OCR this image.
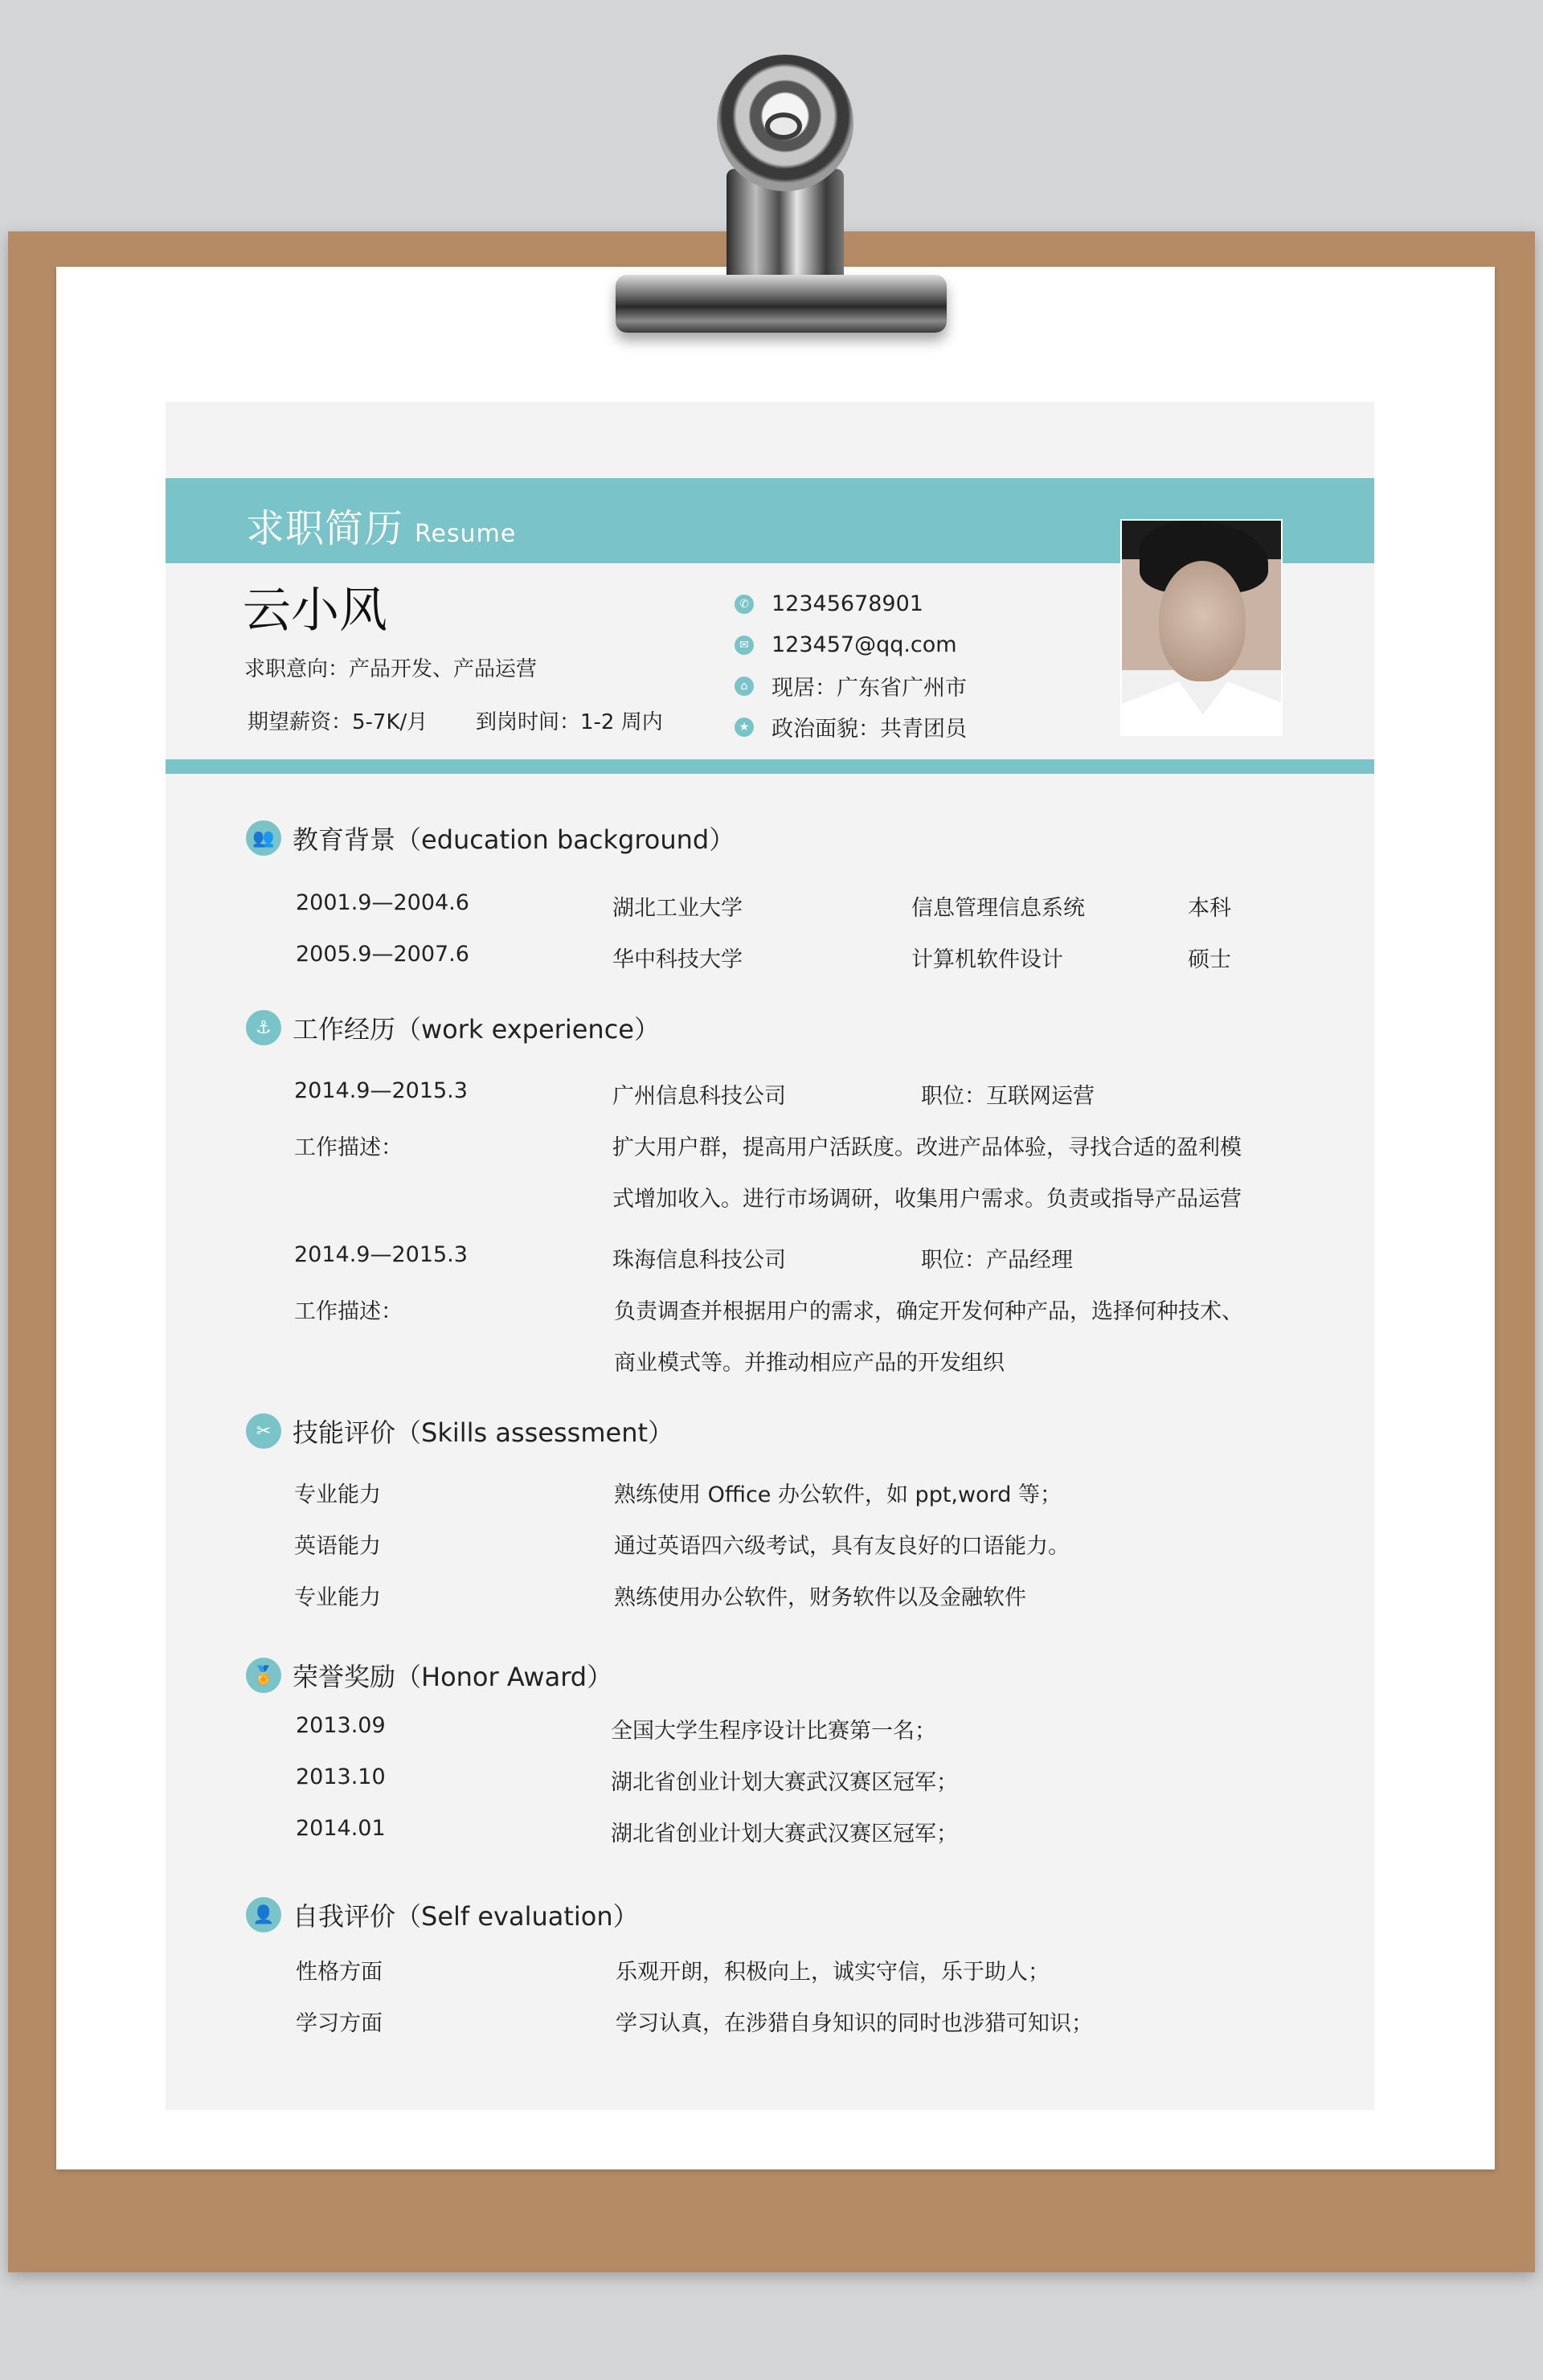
求职简历 Resume
云小风
求职意向：产品开发、产品运营
期望薪资：5-7K/月 到岗时间：1-2 周内
✆ 12345678901
✉ 123457@qq.com
⌂ 现居：广东省广州市
★ 政治面貌：共青团员
👥 教育背景（education background）
2001.9—2004.6	湖北工业大学	信息管理信息系统	本科
2005.9—2007.6	华中科技大学	计算机软件设计	硕士
⚓ 工作经历（work experience）
2014.9—2015.3	广州信息科技公司	职位：互联网运营
工作描述：	扩大用户群，提高用户活跃度。改进产品体验，寻找合适的盈利模
式增加收入。进行市场调研，收集用户需求。负责或指导产品运营
2014.9—2015.3	珠海信息科技公司	职位：产品经理
工作描述：	负责调查并根据用户的需求，确定开发何种产品，选择何种技术、
商业模式等。并推动相应产品的开发组织
✂ 技能评价（Skills assessment）
专业能力	熟练使用 Office 办公软件，如 ppt,word 等；
英语能力	通过英语四六级考试，具有友良好的口语能力。
专业能力	熟练使用办公软件，财务软件以及金融软件
🏅 荣誉奖励（Honor Award）
2013.09	全国大学生程序设计比赛第一名；
2013.10	湖北省创业计划大赛武汉赛区冠军；
2014.01	湖北省创业计划大赛武汉赛区冠军；
👤 自我评价（Self evaluation）
性格方面	乐观开朗，积极向上，诚实守信，乐于助人；
学习方面	学习认真，在涉猎自身知识的同时也涉猎可知识；
